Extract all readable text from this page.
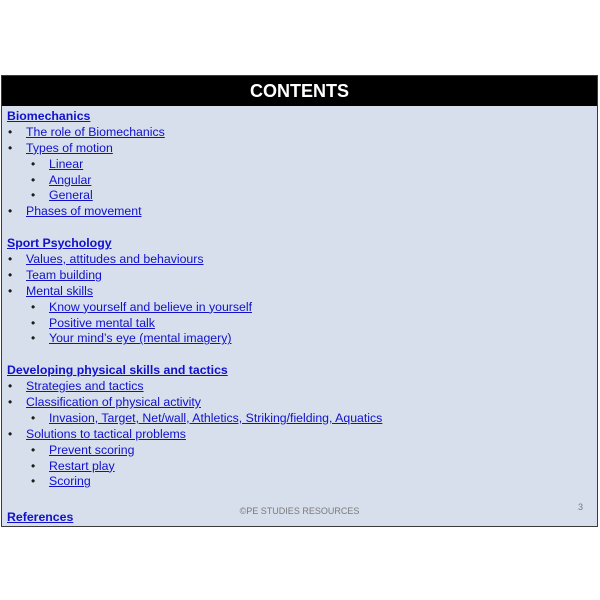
CONTENTS
Biomechanics
• The role of Biomechanics
• Types of motion
• Linear
• Angular
• General
• Phases of movement
Sport Psychology
• Values, attitudes and behaviours
• Team building
• Mental skills
• Know yourself and believe in yourself
• Positive mental talk
• Your mind’s eye (mental imagery)
Developing physical skills and tactics
• Strategies and tactics
• Classification of physical activity
• Invasion, Target, Net/wall, Athletics, Striking/fielding, Aquatics
• Solutions to tactical problems
• Prevent scoring
• Restart play
• Scoring
3
©PE STUDIES RESOURCES
References
